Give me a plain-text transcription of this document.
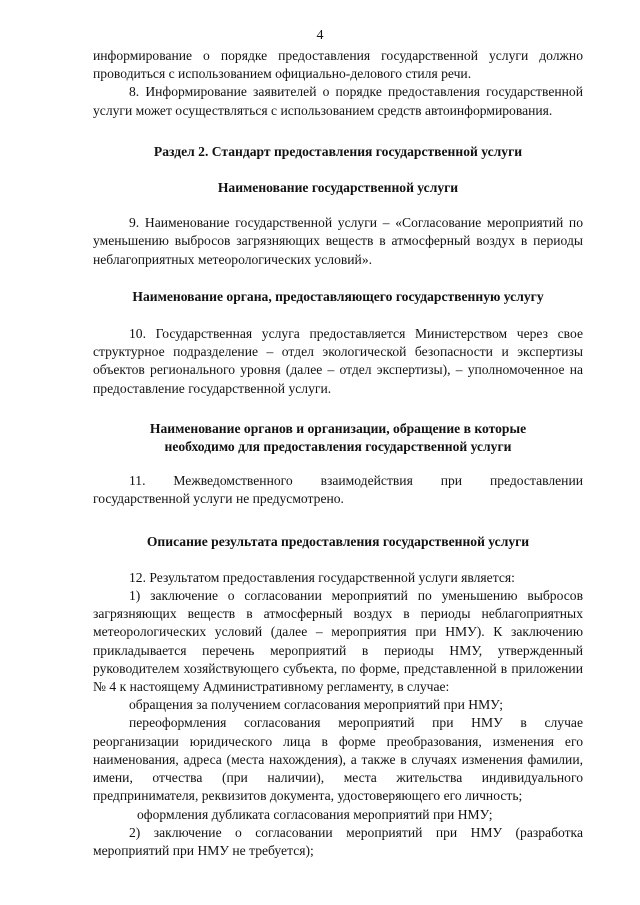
4

информирование о порядке предоставления государственной услуги должно проводиться с использованием официально-делового стиля речи.

8. Информирование заявителей о порядке предоставления государственной услуги может осуществляться с использованием средств автоинформирования.

Раздел 2. Стандарт предоставления государственной услуги

Наименование государственной услуги

9. Наименование государственной услуги – «Согласование мероприятий по уменьшению выбросов загрязняющих веществ в атмосферный воздух в периоды неблагоприятных метеорологических условий».

Наименование органа, предоставляющего государственную услугу

10. Государственная услуга предоставляется Министерством через свое структурное подразделение – отдел экологической безопасности и экспертизы объектов регионального уровня (далее – отдел экспертизы), – уполномоченное на предоставление государственной услуги.

Наименование органов и организации, обращение в которые

необходимо для предоставления государственной услуги

11. Межведомственного взаимодействия при предоставлении государственной услуги не предусмотрено.

Описание результата предоставления государственной услуги

12. Результатом предоставления государственной услуги является:

1) заключение о согласовании мероприятий по уменьшению выбросов загрязняющих веществ в атмосферный воздух в периоды неблагоприятных метеорологических условий (далее – мероприятия при НМУ). К заключению прикладывается перечень мероприятий в периоды НМУ, утвержденный руководителем хозяйствующего субъекта, по форме, представленной в приложении № 4 к настоящему Административному регламенту, в случае:

обращения за получением согласования мероприятий при НМУ;

переоформления согласования мероприятий при НМУ в случае реорганизации юридического лица в форме преобразования, изменения его наименования, адреса (места нахождения), а также в случаях изменения фамилии, имени, отчества (при наличии), места жительства индивидуального предпринимателя, реквизитов документа, удостоверяющего его личность;

оформления дубликата согласования мероприятий при НМУ;

2) заключение о согласовании мероприятий при НМУ (разработка мероприятий при НМУ не требуется);
